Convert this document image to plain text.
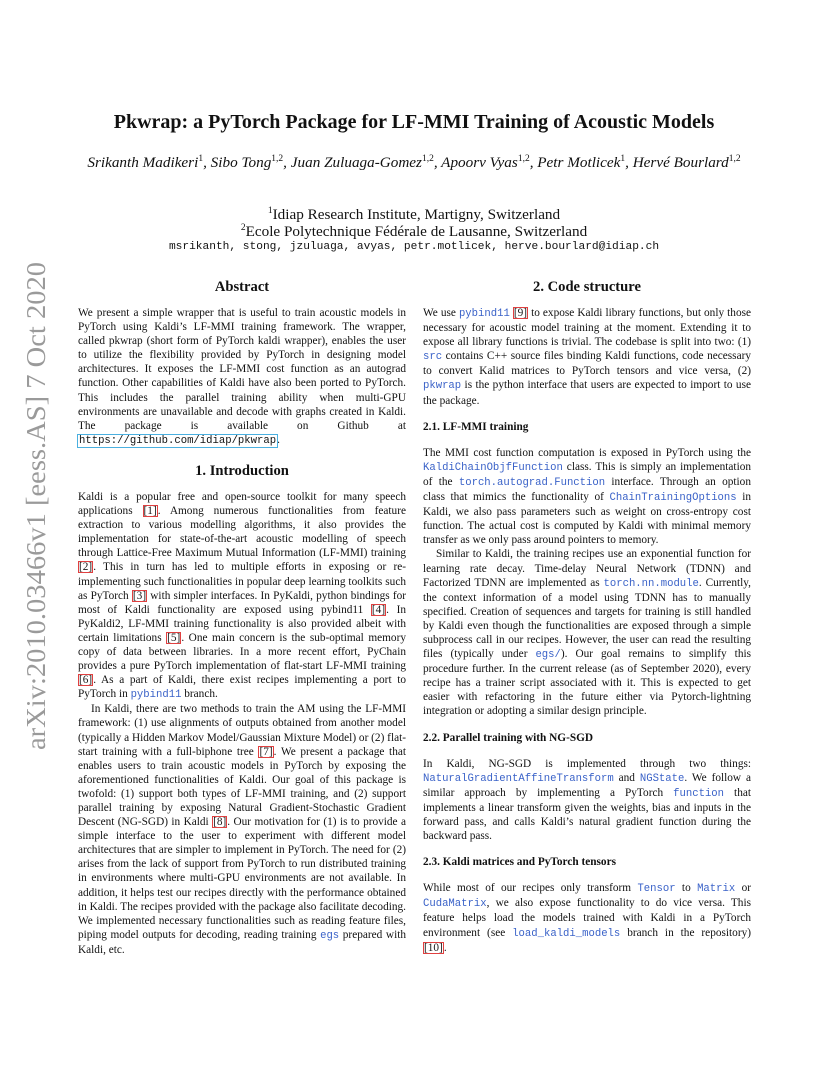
arXiv:2010.03466v1 [eess.AS] 7 Oct 2020
Pkwrap: a PyTorch Package for LF-MMI Training of Acoustic Models
Srikanth Madikeri$^1$, Sibo Tong$^{1,2}$, Juan Zuluaga-Gomez$^{1,2}$, Apoorv Vyas$^{1,2}$, Petr Motlicek$^1$, Hervé Bourlard$^{1,2}$
$^1$Idiap Research Institute, Martigny, Switzerland
$^2$Ecole Polytechnique Fédérale de Lausanne, Switzerland
msrikanth, stong, jzuluaga, avyas, petr.motlicek, herve.bourlard@idiap.ch
Abstract

We present a simple wrapper that is useful to train acoustic models in PyTorch using Kaldi’s LF-MMI training framework. The wrapper, called pkwrap (short form of PyTorch kaldi wrapper), enables the user to utilize the flexibility provided by PyTorch in designing model architectures. It exposes the LF-MMI cost function as an autograd function. Other capabilities of Kaldi have also been ported to PyTorch. This includes the parallel training ability when multi-GPU environments are unavailable and decode with graphs created in Kaldi. The package is available on Github at https://github.com/idiap/pkwrap.

1. Introduction

Kaldi is a popular free and open-source toolkit for many speech applications [1]. Among numerous functionalities from feature extraction to various modelling algorithms, it also provides the implementation for state-of-the-art acoustic modelling of speech through Lattice-Free Maximum Mutual Information (LF-MMI) training [2]. This in turn has led to multiple efforts in exposing or re-implementing such functionalities in popular deep learning toolkits such as PyTorch [3] with simpler interfaces. In PyKaldi, python bindings for most of Kaldi functionality are exposed using pybind11 [4]. In PyKaldi2, LF-MMI training functionality is also provided albeit with certain limitations [5]. One main concern is the sub-optimal memory copy of data between libraries. In a more recent effort, PyChain provides a pure PyTorch implementation of flat-start LF-MMI training [6]. As a part of Kaldi, there exist recipes implementing a port to PyTorch in pybind11 branch.

In Kaldi, there are two methods to train the AM using the LF-MMI framework: (1) use alignments of outputs obtained from another model (typically a Hidden Markov Model/Gaussian Mixture Model) or (2) flat-start training with a full-biphone tree [7]. We present a package that enables users to train acoustic models in PyTorch by exposing the aforementioned functionalities of Kaldi. Our goal of this package is twofold: (1) support both types of LF-MMI training, and (2) support parallel training by exposing Natural Gradient-Stochastic Gradient Descent (NG-SGD) in Kaldi [8]. Our motivation for (1) is to provide a simple interface to the user to experiment with different model architectures that are simpler to implement in PyTorch. The need for (2) arises from the lack of support from PyTorch to run distributed training in environments where multi-GPU environments are not available. In addition, it helps test our recipes directly with the performance obtained in Kaldi. The recipes provided with the package also facilitate decoding. We implemented necessary functionalities such as reading feature files, piping model outputs for decoding, reading training egs prepared with Kaldi, etc.

2. Code structure

We use pybind11 [9] to expose Kaldi library functions, but only those necessary for acoustic model training at the moment. Extending it to expose all library functions is trivial. The codebase is split into two: (1) src contains C++ source files binding Kaldi functions, code necessary to convert Kalid matrices to PyTorch tensors and vice versa, (2) pkwrap is the python interface that users are expected to import to use the package.

2.1. LF-MMI training

The MMI cost function computation is exposed in PyTorch using the KaldiChainObjfFunction class. This is simply an implementation of the torch.autograd.Function interface. Through an option class that mimics the functionality of ChainTrainingOptions in Kaldi, we also pass parameters such as weight on cross-entropy cost function. The actual cost is computed by Kaldi with minimal memory transfer as we only pass around pointers to memory.

Similar to Kaldi, the training recipes use an exponential function for learning rate decay. Time-delay Neural Network (TDNN) and Factorized TDNN are implemented as torch.nn.module. Currently, the context information of a model using TDNN has to manually specified. Creation of sequences and targets for training is still handled by Kaldi even though the functionalities are exposed through a simple subprocess call in our recipes. However, the user can read the resulting files (typically under egs/). Our goal remains to simplify this procedure further. In the current release (as of September 2020), every recipe has a trainer script associated with it. This is expected to get easier with refactoring in the future either via Pytorch-lightning integration or adopting a similar design principle.

2.2. Parallel training with NG-SGD

In Kaldi, NG-SGD is implemented through two things: NaturalGradientAffineTransform and NGState. We follow a similar approach by implementing a PyTorch function that implements a linear transform given the weights, bias and inputs in the forward pass, and calls Kaldi’s natural gradient function during the backward pass.

2.3. Kaldi matrices and PyTorch tensors

While most of our recipes only transform Tensor to Matrix or CudaMatrix, we also expose functionality to do vice versa. This feature helps load the models trained with Kaldi in a PyTorch environment (see load_kaldi_models branch in the repository) [10].
